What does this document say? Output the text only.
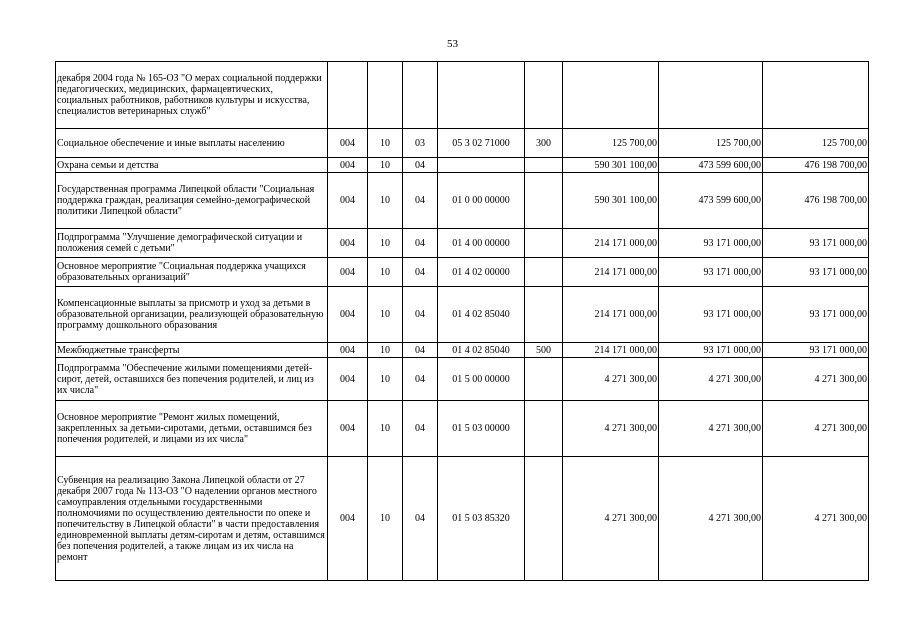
53
декабря 2004 года № 165-ОЗ "О мерах социальной поддержки педагогических, медицинских, фармацевтических, социальных работников, работников культуры и искусства, специалистов ветеринарных служб"								
Социальное обеспечение и иные выплаты населению	004	10	03	05 3 02 71000	300	125 700,00	125 700,00	125 700,00
Охрана семьи и детства	004	10	04			590 301 100,00	473 599 600,00	476 198 700,00
Государственная программа Липецкой области "Социальная поддержка граждан, реализация семейно-демографической политики Липецкой области"	004	10	04	01 0 00 00000		590 301 100,00	473 599 600,00	476 198 700,00
Подпрограмма "Улучшение демографической ситуации и положения семей с детьми"	004	10	04	01 4 00 00000		214 171 000,00	93 171 000,00	93 171 000,00
Основное мероприятие "Социальная поддержка учащихся образовательных организаций"	004	10	04	01 4 02 00000		214 171 000,00	93 171 000,00	93 171 000,00
Компенсационные выплаты за присмотр и уход за детьми в образовательной организации, реализующей образовательную программу дошкольного образования	004	10	04	01 4 02 85040		214 171 000,00	93 171 000,00	93 171 000,00
Межбюджетные трансферты	004	10	04	01 4 02 85040	500	214 171 000,00	93 171 000,00	93 171 000,00
Подпрограмма "Обеспечение жилыми помещениями детей-сирот, детей, оставшихся без попечения родителей, и лиц из их числа"	004	10	04	01 5 00 00000		4 271 300,00	4 271 300,00	4 271 300,00
Основное мероприятие "Ремонт жилых помещений, закрепленных за детьми-сиротами, детьми, оставшимся без попечения родителей, и лицами из их числа"	004	10	04	01 5 03 00000		4 271 300,00	4 271 300,00	4 271 300,00
Субвенция на реализацию Закона Липецкой области от 27 декабря 2007 года № 113-ОЗ "О наделении органов местного самоуправления отдельными государственными полномочиями по осуществлению деятельности по опеке и попечительству в Липецкой области" в части предоставления единовременной выплаты детям-сиротам и детям, оставшимся без попечения родителей, а также лицам из их числа на ремонт	004	10	04	01 5 03 85320		4 271 300,00	4 271 300,00	4 271 300,00
